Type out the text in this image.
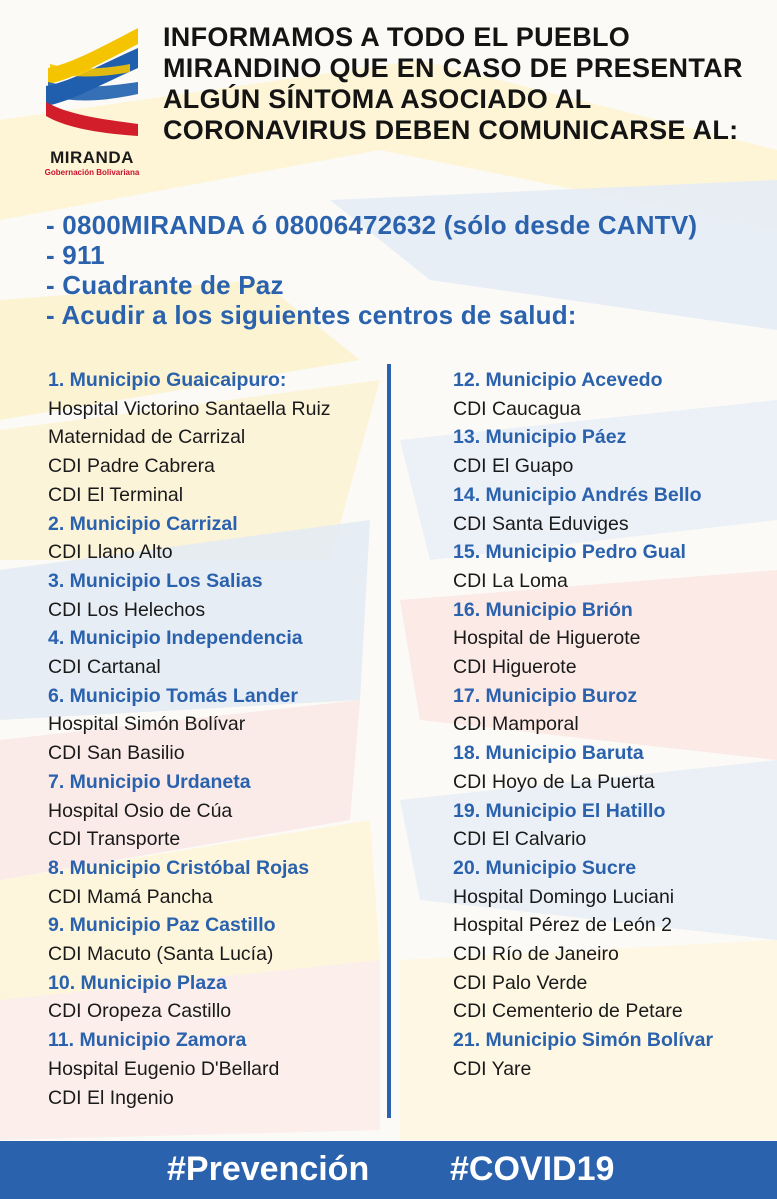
MIRANDA
Gobernación Bolivariana
INFORMAMOS A TODO EL PUEBLO
MIRANDINO QUE EN CASO DE PRESENTAR
ALGÚN SÍNTOMA ASOCIADO AL
CORONAVIRUS DEBEN COMUNICARSE AL:
- 0800MIRANDA ó 08006472632 (sólo desde CANTV)
- 911
- Cuadrante de Paz
- Acudir a los siguientes centros de salud:
1. Municipio Guaicaipuro:
Hospital Victorino Santaella Ruiz
Maternidad de Carrizal
CDI Padre Cabrera
CDI El Terminal
2. Municipio Carrizal
CDI Llano Alto
3. Municipio Los Salias
CDI Los Helechos
4. Municipio Independencia
CDI Cartanal
6. Municipio Tomás Lander
Hospital Simón Bolívar
CDI San Basilio
7. Municipio Urdaneta
Hospital Osio de Cúa
CDI Transporte
8. Municipio Cristóbal Rojas
CDI Mamá Pancha
9. Municipio Paz Castillo
CDI Macuto (Santa Lucía)
10. Municipio Plaza
CDI Oropeza Castillo
11. Municipio Zamora
Hospital Eugenio D'Bellard
CDI El Ingenio
12. Municipio Acevedo
CDI Caucagua
13. Municipio Páez
CDI El Guapo
14. Municipio Andrés Bello
CDI Santa Eduviges
15. Municipio Pedro Gual
CDI La Loma
16. Municipio Brión
Hospital de Higuerote
CDI Higuerote
17. Municipio Buroz
CDI Mamporal
18. Municipio Baruta
CDI Hoyo de La Puerta
19. Municipio El Hatillo
CDI El Calvario
20. Municipio Sucre
Hospital Domingo Luciani
Hospital Pérez de León 2
CDI Río de Janeiro
CDI Palo Verde
CDI Cementerio de Petare
21. Municipio Simón Bolívar
CDI Yare
#Prevención #COVID19
